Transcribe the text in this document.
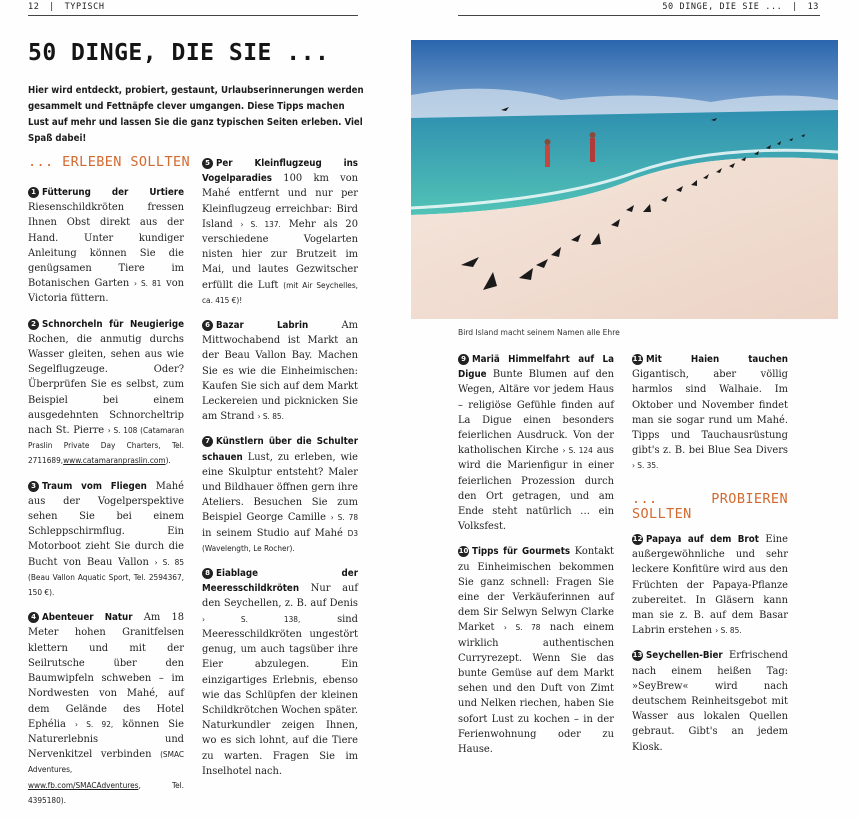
12 | TYPISCH	50 DINGE, DIE SIE ... | 13
50 DINGE, DIE SIE ...
Hier wird entdeckt, probiert, gestaunt, Urlaubserinnerungen werden gesammelt und Fettnäpfe clever umgangen. Diese Tipps machen Lust auf mehr und lassen Sie die ganz typischen Seiten erleben. Viel Spaß dabei!
... ERLEBEN SOLLTEN
1 Fütterung der Urtiere Riesenschildkröten fressen Ihnen Obst direkt aus der Hand. Unter kundiger Anleitung können Sie die genügsamen Tiere im Botanischen Garten › S. 81 von Victoria füttern.
2 Schnorcheln für Neugierige Rochen, die anmutig durchs Wasser gleiten, sehen aus wie Segelflugzeuge. Oder? Überprüfen Sie es selbst, zum Beispiel bei einem ausgedehnten Schnorcheltrip nach St. Pierre › S. 108 (Catamaran Praslin Private Day Charters, Tel. 2711689,www.catamaranpraslin.com).
3 Traum vom Fliegen Mahé aus der Vogelperspektive sehen Sie bei einem Schleppschirmflug. Ein Motorboot zieht Sie durch die Bucht von Beau Vallon › S. 85 (Beau Vallon Aquatic Sport, Tel. 2594367, 150 €).
4 Abenteuer Natur Am 18 Meter hohen Granitfelsen klettern und mit der Seilrutsche über den Baumwipfeln schweben – im Nordwesten von Mahé, auf dem Gelände des Hotel Ephélia › S. 92, können Sie Naturerlebnis und Nervenkitzel verbinden (SMAC Adventures, www.fb.com/SMACAdventures, Tel. 4395180).
5 Per Kleinflugzeug ins Vogelparadies 100 km von Mahé entfernt und nur per Kleinflugzeug erreichbar: Bird Island › S. 137. Mehr als 20 verschiedene Vogelarten nisten hier zur Brutzeit im Mai, und lautes Gezwitscher erfüllt die Luft (mit Air Seychelles, ca. 415 €)!
6 Bazar Labrin	Am Mittwochabend ist Markt an der Beau Vallon Bay. Machen Sie es wie die Einheimischen: Kaufen Sie sich auf dem Markt Leckereien und picknicken Sie am Strand › S. 85.
7 Künstlern über die Schulter schauen Lust, zu erleben, wie eine Skulptur entsteht? Maler und Bildhauer öffnen gern ihre Ateliers. Besuchen Sie zum Beispiel George Camille › S. 78 in seinem Studio auf Mahé D3 (Wavelength, Le Rocher).
8 Eiablage der Meeresschildkröten Nur auf den Seychellen, z. B. auf Denis › S. 138,	sind Meeresschildkröten ungestört genug, um auch tagsüber ihre Eier abzulegen. Ein einzigartiges Erlebnis, ebenso wie das Schlüpfen der kleinen Schildkrötchen Wochen später. Naturkundler zeigen Ihnen, wo es sich lohnt, auf die Tiere zu warten. Fragen Sie im Inselhotel nach.
Bird Island macht seinem Namen alle Ehre
9 Mariä Himmelfahrt auf La Digue Bunte Blumen auf den Wegen, Altäre vor jedem Haus – religiöse Gefühle finden auf La Digue einen besonders feierlichen Ausdruck. Von der katholischen Kirche › S. 124 aus wird die Marienfigur in einer feierlichen Prozession durch den Ort getragen, und am Ende steht natürlich … ein Volksfest.
10 Tipps für Gourmets Kontakt zu Einheimischen bekommen Sie ganz schnell: Fragen Sie eine der Verkäuferinnen auf dem Sir Selwyn Selwyn Clarke Market › S. 78 nach einem wirklich authentischen Curryrezept. Wenn Sie das bunte Gemüse auf dem Markt sehen und den Duft von Zimt und Nelken riechen, haben Sie sofort Lust zu kochen – in der Ferienwohnung oder zu Hause.
11 Mit Haien tauchen Gigantisch, aber völlig harmlos sind Walhaie. Im Oktober und November findet man sie sogar rund um Mahé. Tipps und Tauchausrüstung gibt's z. B. bei Blue Sea Divers › S. 35.
... PROBIEREN SOLLTEN
12 Papaya auf dem Brot Eine außergewöhnliche und sehr leckere Konfitüre wird aus den Früchten der Papaya-Pflanze zubereitet. In Gläsern kann man sie z. B. auf dem Basar Labrin erstehen › S. 85.
13 Seychellen-Bier Erfrischend nach einem heißen Tag: »SeyBrew« wird nach deutschem Reinheitsgebot mit Wasser aus lokalen Quellen gebraut. Gibt's an jedem Kiosk.
